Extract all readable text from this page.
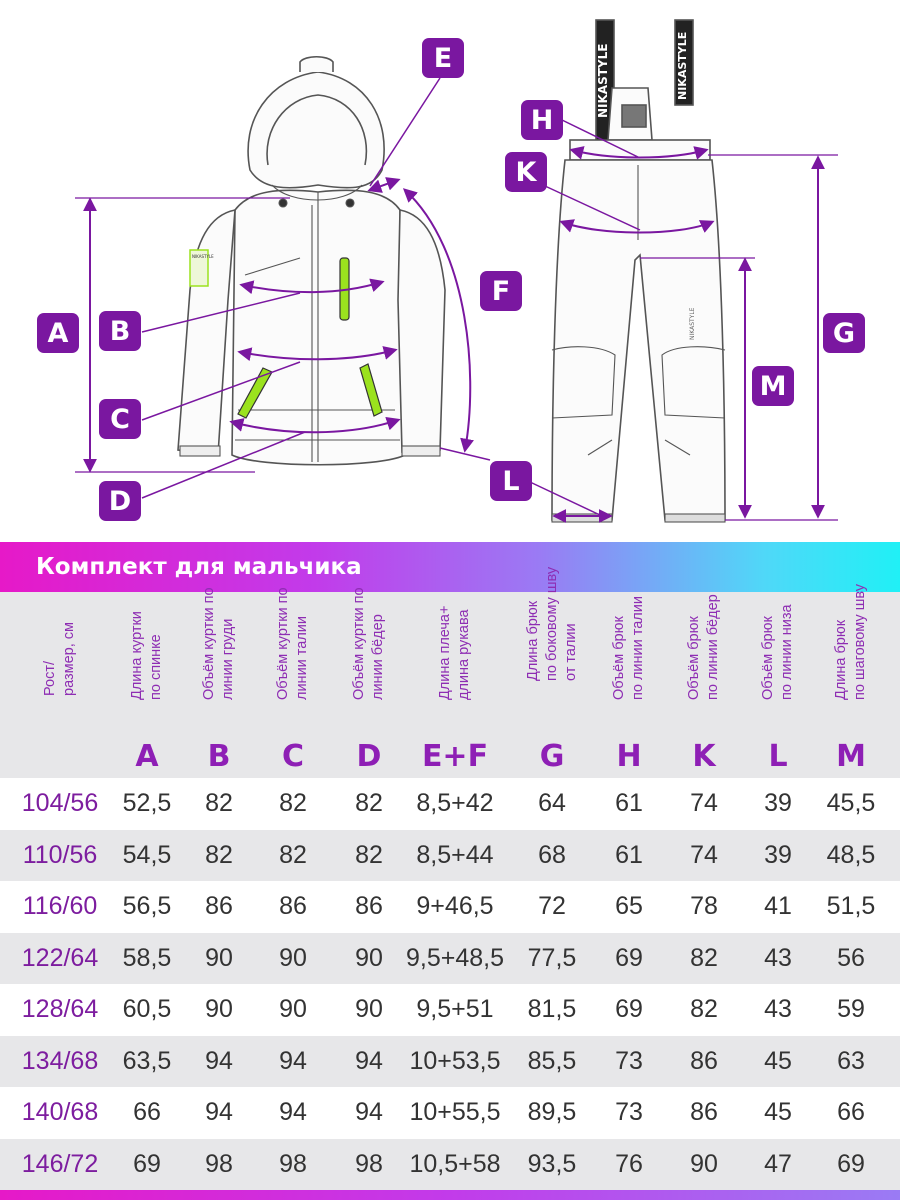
NIKASTYLE	NIKASTYLE
NIKASTYLE
NIKASTYLE
A	B
C
D
E
F
G
H
K
L
M
Комплект для мальчика
Рост/
размер, см
Длина куртки
по спинке
A
Объём куртки по
линии груди
B
Объём куртки по
линии талии
C
Объём куртки по
линии бёдер
D
Длина плеча+
длина рукава
E+F
Длина брюк
по боковому шву
от талии
G
Объём брюк
по линии талии
H
Объём брюк
по линии бёдер
K
Объём брюк
по линии низа
L
Длина брюк
по шаговому шву
M
104/56 52,5	82	82	82	8,5+42	64	61	74	39	45,5
110/56	54,5	82	82	82	8,5+44	68	61	74	39	48,5
116/60	56,5	86	86	86	9+46,5	72	65	78	41	51,5
122/64 58,5	90	90	90 9,5+48,5 77,5	69	82	43	56
128/64 60,5	90	90	90	9,5+51	81,5	69	82	43	59
134/68 63,5	94	94	94	10+53,5	85,5	73	86	45	63
140/68	66	94	94	94	10+55,5	89,5	73	86	45	66
146/72	69	98	98	98	10,5+58	93,5	76	90	47	69
